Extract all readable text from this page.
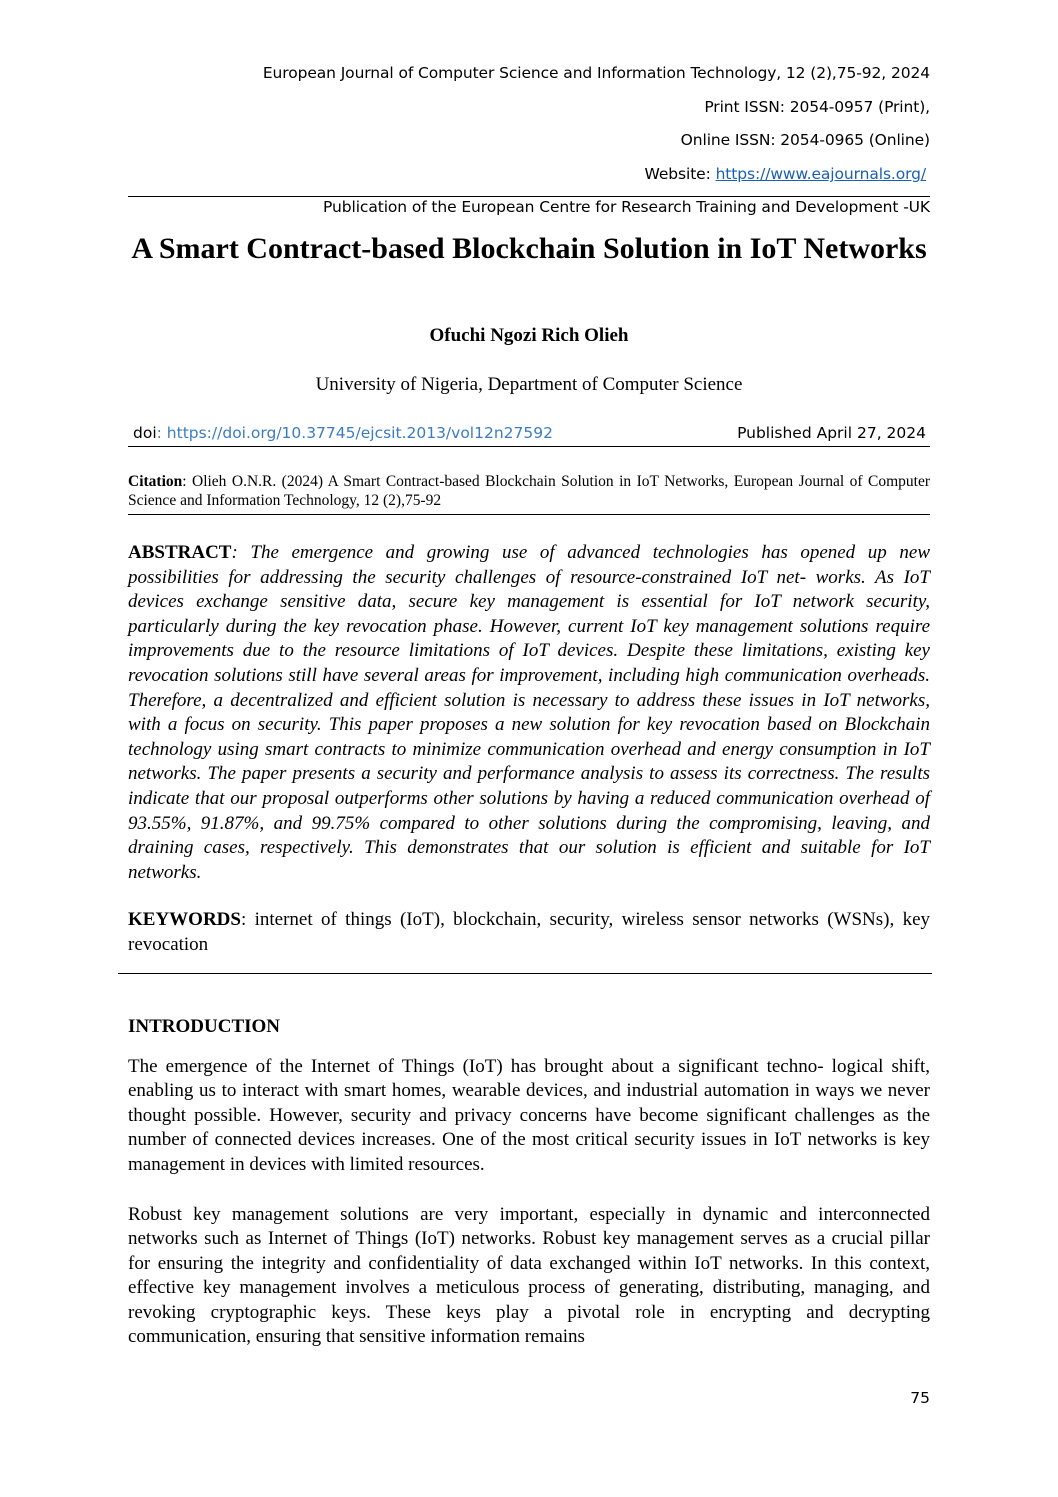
European Journal of Computer Science and Information Technology, 12 (2),75-92, 2024
Print ISSN: 2054-0957 (Print),
Online ISSN: 2054-0965 (Online)
Website: https://www.eajournals.org/
Publication of the European Centre for Research Training and Development -UK
A Smart Contract-based Blockchain Solution in IoT Networks
Ofuchi Ngozi Rich Olieh
University of Nigeria, Department of Computer Science
doi: https://doi.org/10.37745/ejcsit.2013/vol12n27592	Published April 27, 2024
Citation: Olieh O.N.R. (2024) A Smart Contract-based Blockchain Solution in IoT Networks, European Journal of Computer Science and Information Technology, 12 (2),75-92
ABSTRACT: The emergence and growing use of advanced technologies has opened up new possibilities for addressing the security challenges of resource-constrained IoT net- works. As IoT devices exchange sensitive data, secure key management is essential for IoT network security, particularly during the key revocation phase. However, current IoT key management solutions require improvements due to the resource limitations of IoT devices. Despite these limitations, existing key revocation solutions still have several areas for improvement, including high communication overheads. Therefore, a decentralized and efficient solution is necessary to address these issues in IoT networks, with a focus on security. This paper proposes a new solution for key revocation based on Blockchain technology using smart contracts to minimize communication overhead and energy consumption in IoT networks. The paper presents a security and performance analysis to assess its correctness. The results indicate that our proposal outperforms other solutions by having a reduced communication overhead of 93.55%, 91.87%, and 99.75% compared to other solutions during the compromising, leaving, and draining cases, respectively. This demonstrates that our solution is efficient and suitable for IoT networks.
KEYWORDS: internet of things (IoT), blockchain, security, wireless sensor networks (WSNs), key revocation
INTRODUCTION

The emergence of the Internet of Things (IoT) has brought about a significant techno- logical shift, enabling us to interact with smart homes, wearable devices, and industrial automation in ways we never thought possible. However, security and privacy concerns have become significant challenges as the number of connected devices increases. One of the most critical security issues in IoT networks is key management in devices with limited resources.

Robust key management solutions are very important, especially in dynamic and interconnected networks such as Internet of Things (IoT) networks. Robust key management serves as a crucial pillar for ensuring the integrity and confidentiality of data exchanged within IoT networks. In this context, effective key management involves a meticulous process of generating, distributing, managing, and revoking cryptographic keys. These keys play a pivotal role in encrypting and decrypting communication, ensuring that sensitive information remains

75
